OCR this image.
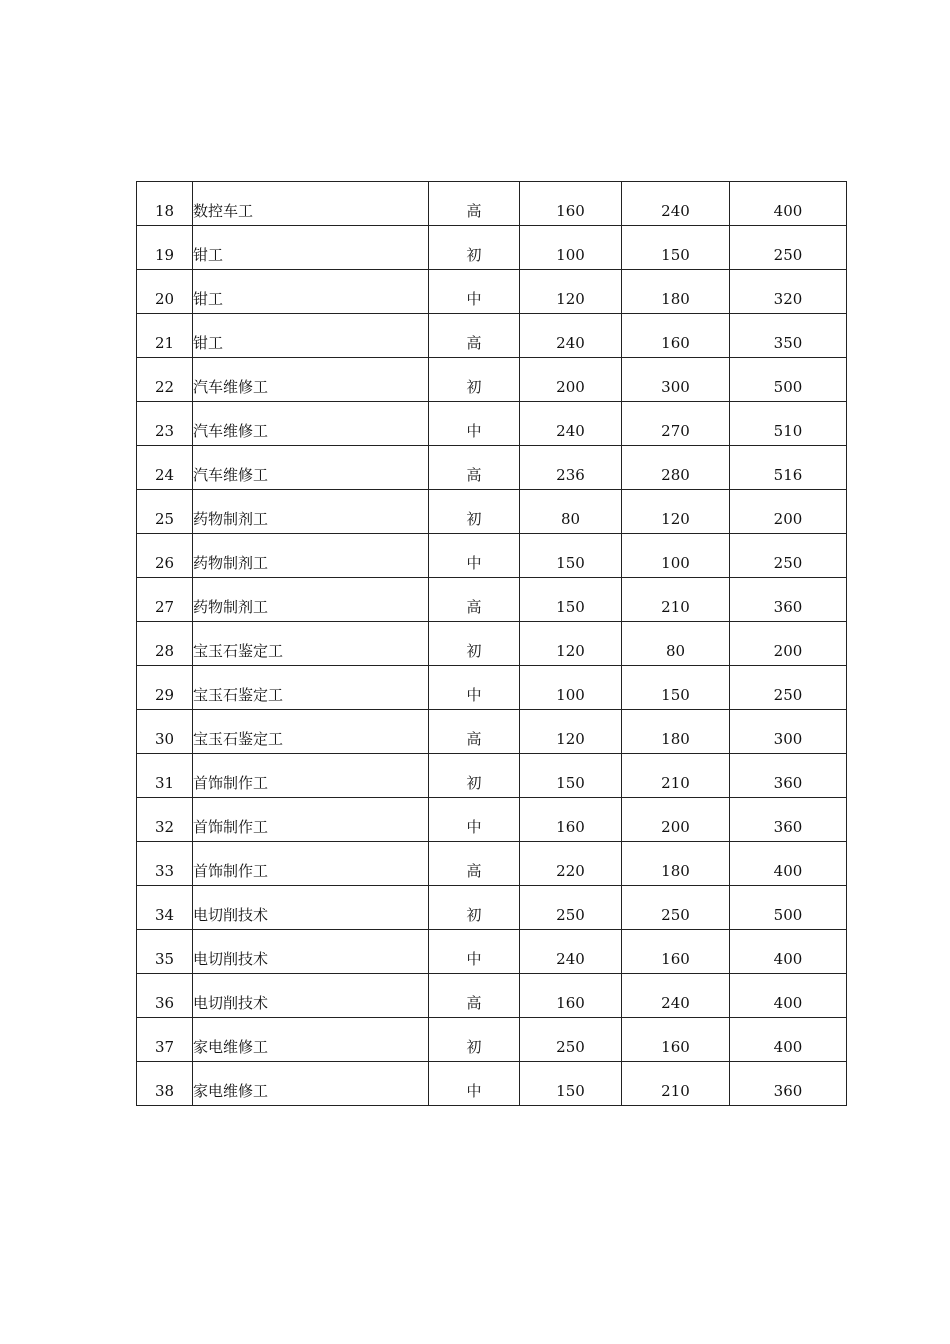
18	数控车工	高	160	240	400
19	钳工	初	100	150	250
20	钳工	中	120	180	320
21	钳工	高	240	160	350
22	汽车维修工	初	200	300	500
23	汽车维修工	中	240	270	510
24	汽车维修工	高	236	280	516
25	药物制剂工	初	80	120	200
26	药物制剂工	中	150	100	250
27	药物制剂工	高	150	210	360
28	宝玉石鉴定工	初	120	80	200
29	宝玉石鉴定工	中	100	150	250
30	宝玉石鉴定工	高	120	180	300
31	首饰制作工	初	150	210	360
32	首饰制作工	中	160	200	360
33	首饰制作工	高	220	180	400
34	电切削技术	初	250	250	500
35	电切削技术	中	240	160	400
36	电切削技术	高	160	240	400
37	家电维修工	初	250	160	400
38	家电维修工	中	150	210	360
